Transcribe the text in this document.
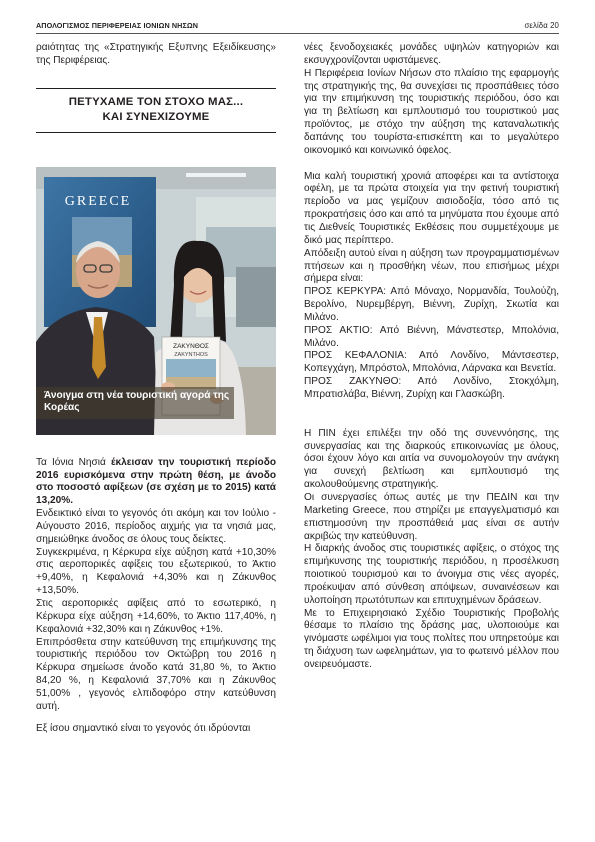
ΑΠΟΛΟΓΙΣΜΟΣ ΠΕΡΙΦΕΡΕΙΑΣ ΙΟΝΙΩΝ ΝΗΣΩΝ	σελίδα 20

ραιότητας της «Στρατηγικής Εξυπνης Εξειδίκευσης» της Περιφέρειας.

ΠΕΤΥΧΑΜΕ ΤΟΝ ΣΤΟΧΟ ΜΑΣ...
ΚΑΙ ΣΥΝΕΧΙΖΟΥΜΕ
GREECE
ΖΑΚΥΝΘΟΣ
ZAKYNTHOS
Άνοιγμα στη νέα τουριστική αγορά της Κορέας

Τα Ιόνια Νησιά έκλεισαν την τουριστική περίοδο 2016 ευρισκόμενα στην πρώτη θέση, με άνοδο στο ποσοστό αφίξεων (σε σχέση με το 2015) κατά 13,20%.

Ενδεικτικό είναι το γεγονός ότι ακόμη και τον Ιούλιο - Αύγουστο 2016, περίοδος αιχμής για τα νησιά μας, σημειώθηκε άνοδος σε όλους τους δείκτες.

Συγκεκριμένα, η Κέρκυρα είχε αύξηση κατά +10,30% στις αεροπορικές αφίξεις του εξωτερικού, το Άκτιο +9,40%, η Κεφαλονιά +4,30% και η Ζάκυνθος +13,50%.

Στις αεροπορικές αφίξεις από το εσωτερικό, η Κέρκυρα είχε αύξηση +14,60%, το Άκτιο 117,40%, η Κεφαλονιά +32,30% και η Ζάκυνθος +1%.

Επιπρόσθετα στην κατεύθυνση της επιμήκυνσης της τουριστικής περιόδου τον Οκτώβρη του 2016 η Κέρκυρα σημείωσε άνοδο κατά 31,80 %, το Άκτιο 84,20 %, η Κεφαλονιά 37,70% και η Ζάκυνθος 51,00% , γεγονός ελπιδοφόρο στην κατεύθυνση αυτή.

Εξ ίσου σημαντικό είναι το γεγονός ότι ιδρύονται

νέες ξενοδοχειακές μονάδες υψηλών κατηγοριών και εκσυγχρονίζονται υφιστάμενες.

Η Περιφέρεια Ιονίων Νήσων στο πλαίσιο της εφαρμογής της στρατηγικής της, θα συνεχίσει τις προσπάθειες τόσο για την επιμήκυνση της τουριστικής περιόδου, όσο και για τη βελτίωση και εμπλουτισμό του τουριστικού μας προϊόντος, με στόχο την αύξηση της καταναλωτικής δαπάνης του τουρίστα-επισκέπτη και το μεγαλύτερο οικονομικό και κοινωνικό όφελος.

Μια καλή τουριστική χρονιά αποφέρει και τα αντίστοιχα οφέλη, με τα πρώτα στοιχεία για την φετινή τουριστική περίοδο να μας γεμίζουν αισιοδοξία, τόσο από τις προκρατήσεις όσο και από τα μηνύματα που έχουμε από τις Διεθνείς Τουριστικές Εκθέσεις που συμμετέχουμε με δικό μας περίπτερο.

Απόδειξη αυτού είναι η αύξηση των προγραμματισμένων πτήσεων και η προσθήκη νέων, που επισήμως μέχρι σήμερα είναι:

ΠΡΟΣ ΚΕΡΚΥΡΑ: Από Μόναχο, Νορμανδία, Τουλούζη, Βερολίνο, Νυρεμβέργη, Βιέννη, Ζυρίχη, Σκωτία και Μιλάνο.

ΠΡΟΣ ΑΚΤΙΟ: Από Βιέννη, Μάνστεστερ, Μπολόνια, Μιλάνο.

ΠΡΟΣ ΚΕΦΑΛΟΝΙΑ: Από Λονδίνο, Μάντσεστερ, Κοπεγχάγη, Μπρόστολ, Μπολόνια, Λάρνακα και Βενετία.

ΠΡΟΣ ΖΑΚΥΝΘΟ: Από Λονδίνο, Στοκχόλμη, Μπρατισλάβα, Βιέννη, Ζυρίχη και Γλασκώβη.

Η ΠΙΝ έχει επιλέξει την οδό της συνεννόησης, της συνεργασίας και της διαρκούς επικοινωνίας με όλους, όσοι έχουν λόγο και αιτία να συνομολογούν την ανάγκη για συνεχή βελτίωση και εμπλουτισμό της ακολουθούμενης στρατηγικής.

Οι συνεργασίες όπως αυτές με την ΠΕΔΙΝ και την Marketing Greece, που στηρίζει με επαγγελματισμό και επιστημοσύνη την προσπάθειά μας είναι σε αυτήν ακριβώς την κατεύθυνση.

Η διαρκής άνοδος στις τουριστικές αφίξεις, ο στόχος της επιμήκυνσης της τουριστικής περιόδου, η προσέλκυση ποιοτικού τουρισμού και το άνοιγμα στις νέες αγορές, προέκυψαν από σύνθεση απόψεων, συναινέσεων και υλοποίηση πρωτότυπων και επιτυχημένων δράσεων.

Με το Επιχειρησιακό Σχέδιο Τουριστικής Προβολής θέσαμε το πλαίσιο της δράσης μας, υλοποιούμε και γινόμαστε ωφέλιμοι για τους πολίτες που υπηρετούμε και τη διάχυση των ωφελημάτων, για το φωτεινό μέλλον που ονειρευόμαστε.
